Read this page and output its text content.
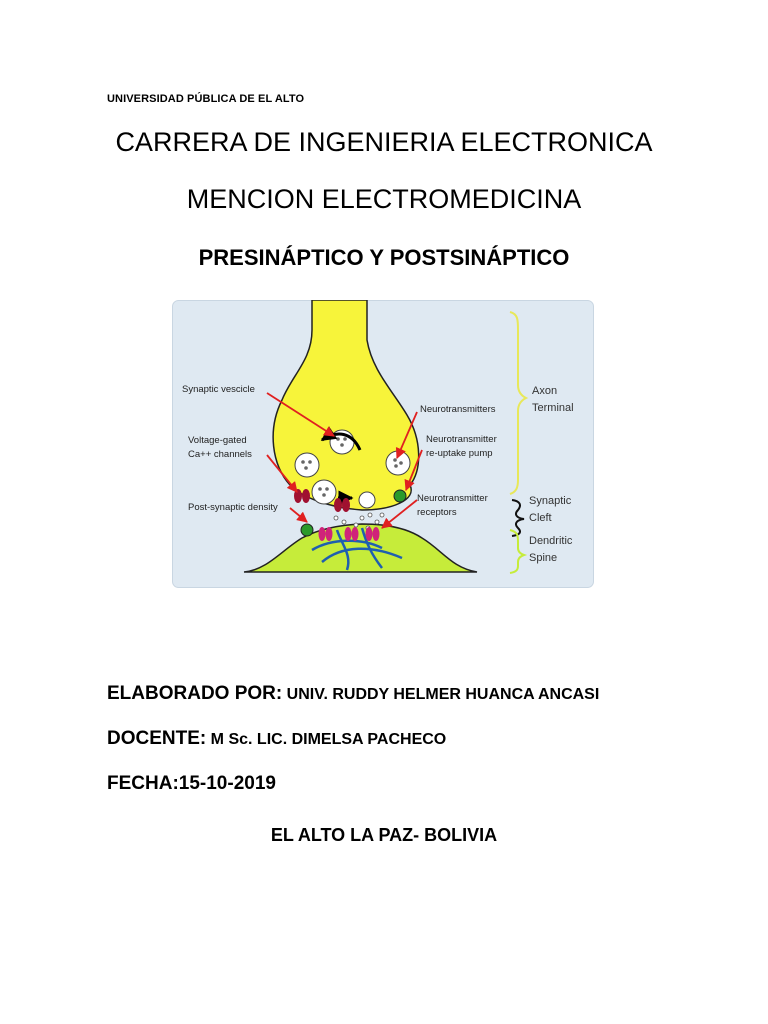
UNIVERSIDAD PÚBLICA DE EL ALTO
CARRERA DE INGENIERIA ELECTRONICA
MENCION ELECTROMEDICINA
PRESINÁPTICO Y POSTSINÁPTICO
Synaptic vescicle
Voltage-gated
Ca++ channels
Post-synaptic density
Neurotransmitters
Neurotransmitter
re-uptake pump
Neurotransmitter
receptors
Axon
Terminal
Synaptic
Cleft
Dendritic
Spine
ELABORADO POR: UNIV. RUDDY HELMER HUANCA ANCASI
DOCENTE: M Sc. LIC. DIMELSA PACHECO
FECHA:15-10-2019
EL ALTO LA PAZ- BOLIVIA
